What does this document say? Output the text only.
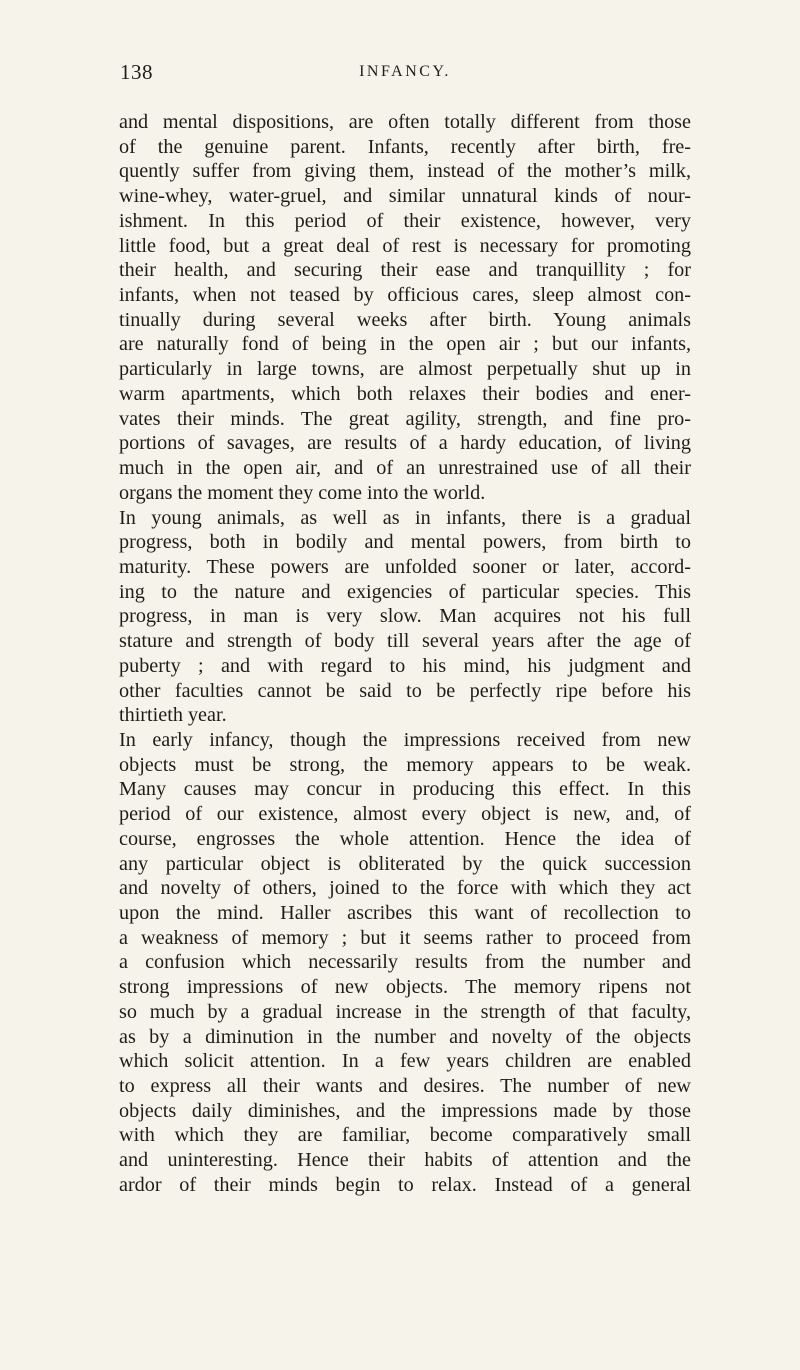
138	INFANCY.
and mental dispositions, are often totally different from those
of the genuine parent. Infants, recently after birth, fre-
quently suffer from giving them, instead of the mother’s milk,
wine-whey, water-gruel, and similar unnatural kinds of nour-
ishment. In this period of their existence, however, very
little food, but a great deal of rest is necessary for promoting
their health, and securing their ease and tranquillity ; for
infants, when not teased by officious cares, sleep almost con-
tinually during several weeks after birth. Young animals
are naturally fond of being in the open air ; but our infants,
particularly in large towns, are almost perpetually shut up in
warm apartments, which both relaxes their bodies and ener-
vates their minds. The great agility, strength, and fine pro-
portions of savages, are results of a hardy education, of living
much in the open air, and of an unrestrained use of all their
organs the moment they come into the world.
In young animals, as well as in infants, there is a gradual
progress, both in bodily and mental powers, from birth to
maturity. These powers are unfolded sooner or later, accord-
ing to the nature and exigencies of particular species. This
progress, in man is very slow. Man acquires not his full
stature and strength of body till several years after the age of
puberty ; and with regard to his mind, his judgment and
other faculties cannot be said to be perfectly ripe before his
thirtieth year.
In early infancy, though the impressions received from new
objects must be strong, the memory appears to be weak.
Many causes may concur in producing this effect. In this
period of our existence, almost every object is new, and, of
course, engrosses the whole attention. Hence the idea of
any particular object is obliterated by the quick succession
and novelty of others, joined to the force with which they act
upon the mind. Haller ascribes this want of recollection to
a weakness of memory ; but it seems rather to proceed from
a confusion which necessarily results from the number and
strong impressions of new objects. The memory ripens not
so much by a gradual increase in the strength of that faculty,
as by a diminution in the number and novelty of the objects
which solicit attention. In a few years children are enabled
to express all their wants and desires. The number of new
objects daily diminishes, and the impressions made by those
with which they are familiar, become comparatively small
and uninteresting. Hence their habits of attention and the
ardor of their minds begin to relax. Instead of a general
